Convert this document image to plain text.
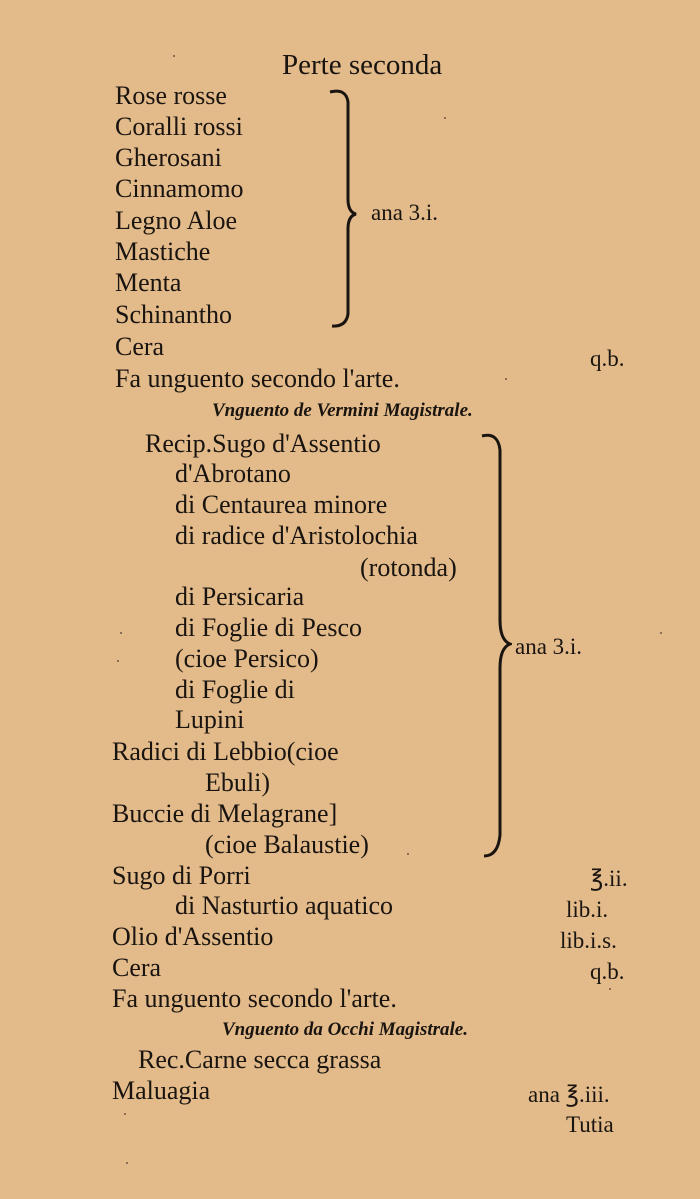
Perte seconda
Rose rosse
Coralli rossi
Gherosani
Cinnamomo
Legno Aloe
Mastiche
Menta
Schinantho
ana 3.i.
Cera	q.b.
Fa unguento secondo l'arte.
Vnguento de Vermini Magistrale.
Recip.Sugo d'Assentio
d'Abrotano
di Centaurea minore
di radice d'Aristolochia
(rotonda)
di Persicaria
di Foglie di Pesco
(cioe Persico)
di Foglie di
Lupini
Radici di Lebbio(cioe
Ebuli)
Buccie di Melagrane]
(cioe Balaustie)
ana 3.i.
Sugo di Porri	℥.ii.
di Nasturtio aquatico	lib.i.
Olio d'Assentio	lib.i.s.
Cera	q.b.
Fa unguento secondo l'arte.
Vnguento da Occhi Magistrale.
Rec.Carne secca grassa
Maluagia	ana ℥.iii.
Tutia
